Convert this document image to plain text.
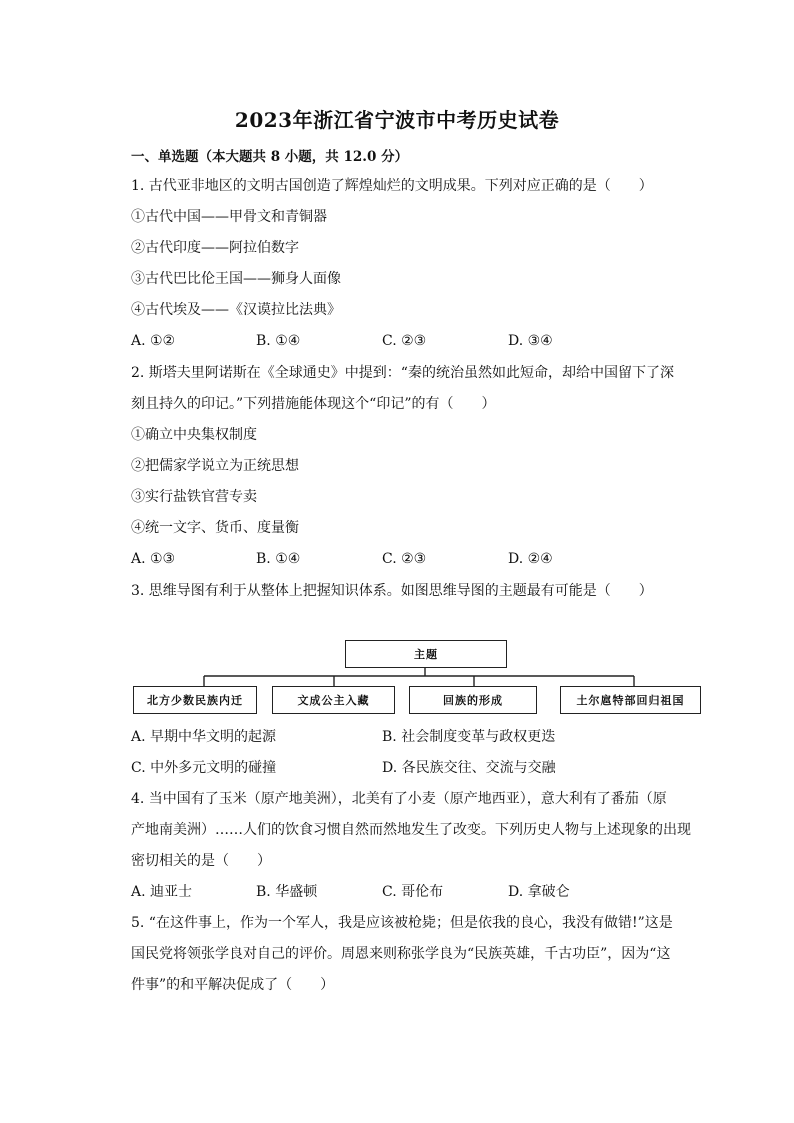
2023年浙江省宁波市中考历史试卷
一、单选题（本大题共 8 小题，共 12.0 分）
1. 古代亚非地区的文明古国创造了辉煌灿烂的文明成果。下列对应正确的是（　　）
①古代中国——甲骨文和青铜器
②古代印度——阿拉伯数字
③古代巴比伦王国——狮身人面像
④古代埃及——《汉谟拉比法典》
A. ①②	B. ①④	C. ②③	D. ③④
2. 斯塔夫里阿诺斯在《全球通史》中提到：“秦的统治虽然如此短命，却给中国留下了深
刻且持久的印记。”下列措施能体现这个“印记”的有（　　）
①确立中央集权制度
②把儒家学说立为正统思想
③实行盐铁官营专卖
④统一文字、货币、度量衡
A. ①③	B. ①④	C. ②③	D. ②④
3. 思维导图有利于从整体上把握知识体系。如图思维导图的主题最有可能是（　　）
主题
北方少数民族内迁	文成公主入藏	回族的形成	土尔扈特部回归祖国
A. 早期中华文明的起源	B. 社会制度变革与政权更迭
C. 中外多元文明的碰撞	D. 各民族交往、交流与交融
4. 当中国有了玉米（原产地美洲），北美有了小麦（原产地西亚），意大利有了番茄（原
产地南美洲）……人们的饮食习惯自然而然地发生了改变。下列历史人物与上述现象的出现
密切相关的是（　　）
A. 迪亚士	B. 华盛顿	C. 哥伦布	D. 拿破仑
5. “在这件事上，作为一个军人，我是应该被枪毙；但是依我的良心，我没有做错!”这是
国民党将领张学良对自己的评价。周恩来则称张学良为“民族英雄，千古功臣”，因为“这
件事”的和平解决促成了（　　）
